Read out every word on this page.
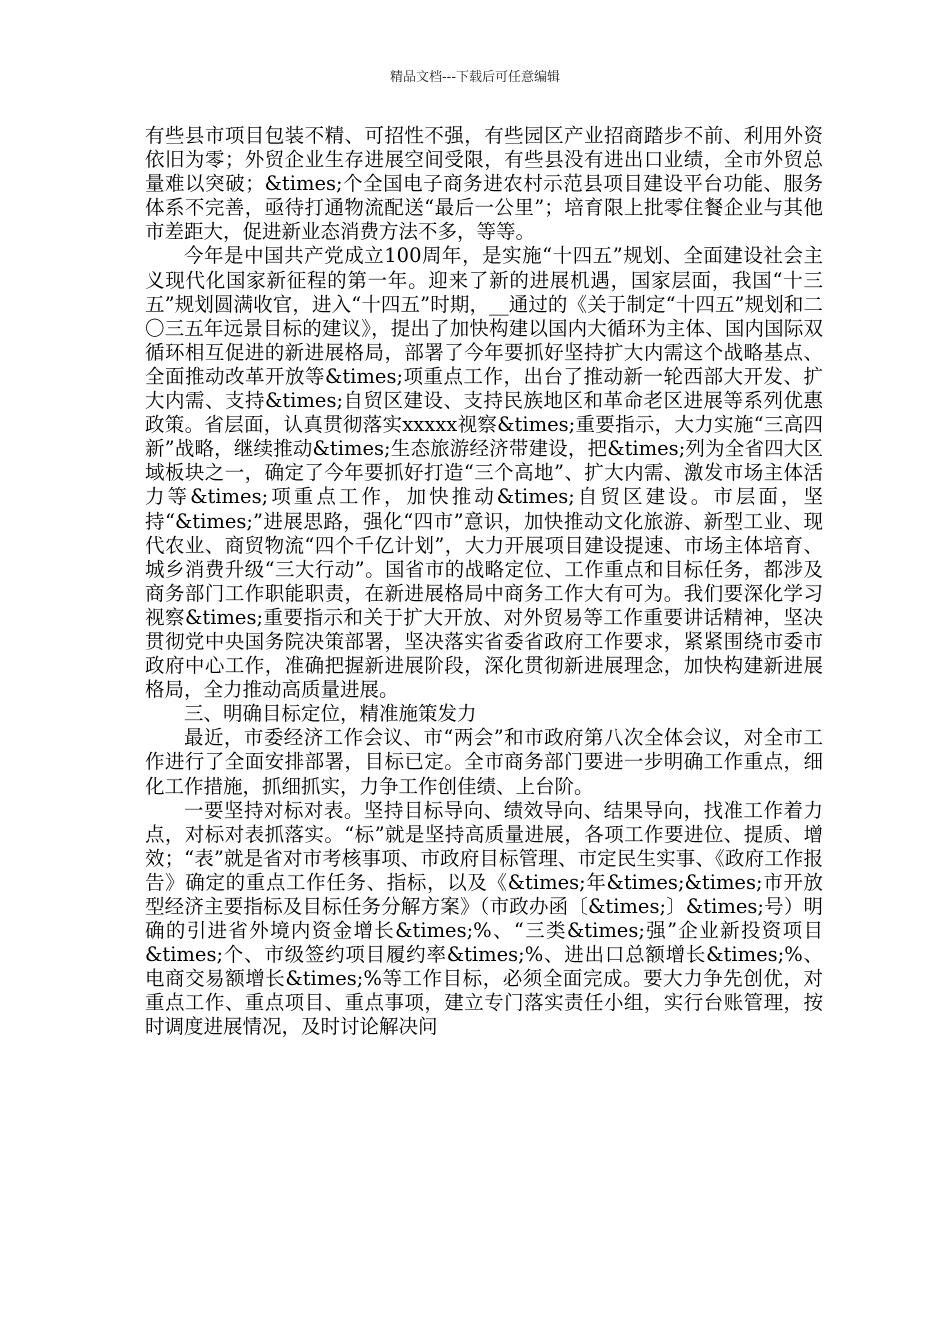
精品文档---下载后可任意编辑

有些县市项目包装不精、可招性不强，有些园区产业招商踏步不前、利用外资依旧为零；外贸企业生存进展空间受限，有些县没有进出口业绩，全市外贸总量难以突破；&times;个全国电子商务进农村示范县项目建设平台功能、服务体系不完善，亟待打通物流配送“最后一公里”；培育限上批零住餐企业与其他市差距大，促进新业态消费方法不多，等等。

今年是中国共产党成立100周年，是实施“十四五”规划、全面建设社会主义现代化国家新征程的第一年。迎来了新的进展机遇，国家层面，我国“十三五”规划圆满收官，进入“十四五”时期，__通过的《关于制定“十四五”规划和二〇三五年远景目标的建议》，提出了加快构建以国内大循环为主体、国内国际双循环相互促进的新进展格局，部署了今年要抓好坚持扩大内需这个战略基点、全面推动改革开放等&times;项重点工作，出台了推动新一轮西部大开发、扩大内需、支持&times;自贸区建设、支持民族地区和革命老区进展等系列优惠政策。省层面，认真贯彻落实xxxxx视察&times;重要指示，大力实施“三高四新”战略，继续推动&times;生态旅游经济带建设，把&times;列为全省四大区域板块之一，确定了今年要抓好打造“三个高地”、扩大内需、激发市场主体活力等&times;项重点工作，加快推动&times;自贸区建设。市层面，坚持“&times;”进展思路，强化“四市”意识，加快推动文化旅游、新型工业、现代农业、商贸物流“四个千亿计划”，大力开展项目建设提速、市场主体培育、城乡消费升级“三大行动”。国省市的战略定位、工作重点和目标任务，都涉及商务部门工作职能职责，在新进展格局中商务工作大有可为。我们要深化学习视察&times;重要指示和关于扩大开放、对外贸易等工作重要讲话精神，坚决贯彻党中央国务院决策部署，坚决落实省委省政府工作要求，紧紧围绕市委市政府中心工作，准确把握新进展阶段，深化贯彻新进展理念，加快构建新进展格局，全力推动高质量进展。

三、明确目标定位，精准施策发力

最近，市委经济工作会议、市“两会”和市政府第八次全体会议，对全市工作进行了全面安排部署，目标已定。全市商务部门要进一步明确工作重点，细化工作措施，抓细抓实，力争工作创佳绩、上台阶。

一要坚持对标对表。坚持目标导向、绩效导向、结果导向，找准工作着力点，对标对表抓落实。“标”就是坚持高质量进展，各项工作要进位、提质、增效；“表”就是省对市考核事项、市政府目标管理、市定民生实事、《政府工作报告》确定的重点工作任务、指标，以及《&times;年&times;&times;市开放型经济主要指标及目标任务分解方案》（市政办函〔&times;〕&times;号）明确的引进省外境内资金增长&times;%、“三类&times;强”企业新投资项目&times;个、市级签约项目履约率&times;%、进出口总额增长&times;%、电商交易额增长&times;%等工作目标，必须全面完成。要大力争先创优，对重点工作、重点项目、重点事项，建立专门落实责任小组，实行台账管理，按时调度进展情况，及时讨论解决问
